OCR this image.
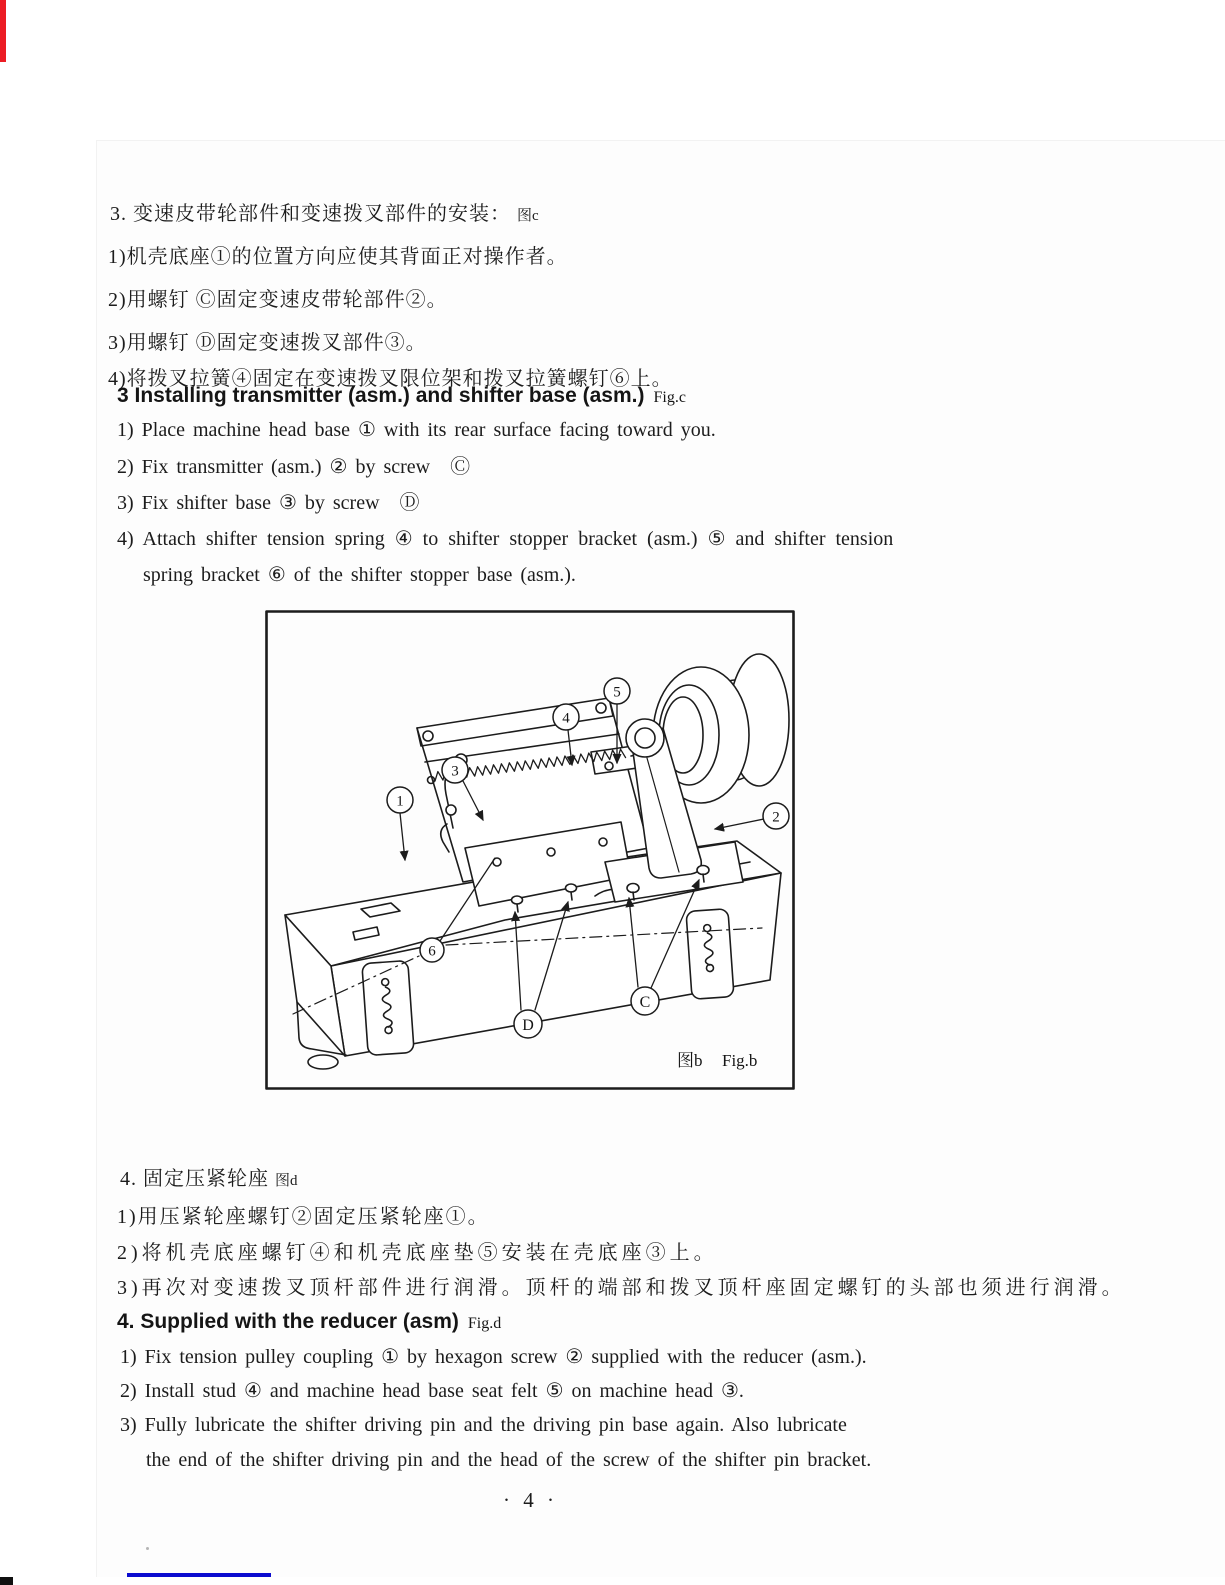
3. 变速皮带轮部件和变速拨叉部件的安装： 图c
1)机壳底座①的位置方向应使其背面正对操作者。
2)用螺钉 Ⓒ固定变速皮带轮部件②。
3)用螺钉 Ⓓ固定变速拨叉部件③。
4)将拨叉拉簧④固定在变速拨叉限位架和拨叉拉簧螺钉⑥上。
3 Installing transmitter (asm.) and shifter base (asm.) Fig.c
1) Place machine head base ① with its rear surface facing toward you.
2) Fix transmitter (asm.) ② by screw Ⓒ
3) Fix shifter base ③ by screw Ⓓ
4) Attach shifter tension spring ④ to shifter stopper bracket (asm.) ⑤ and shifter tension
spring bracket ⑥ of the shifter stopper base (asm.).
1
2
3
4
5
6
C
D
图b Fig.b
4. 固定压紧轮座 图d
1)用压紧轮座螺钉②固定压紧轮座①。
2)将机壳底座螺钉④和机壳底座垫⑤安装在壳底座③上。
3)再次对变速拨叉顶杆部件进行润滑。顶杆的端部和拨叉顶杆座固定螺钉的头部也须进行润滑。
4. Supplied with the reducer (asm) Fig.d
1) Fix tension pulley coupling ① by hexagon screw ② supplied with the reducer (asm.).
2) Install stud ④ and machine head base seat felt ⑤ on machine head ③.
3) Fully lubricate the shifter driving pin and the driving pin base again. Also lubricate
the end of the shifter driving pin and the head of the screw of the shifter pin bracket.
· 4 ·
